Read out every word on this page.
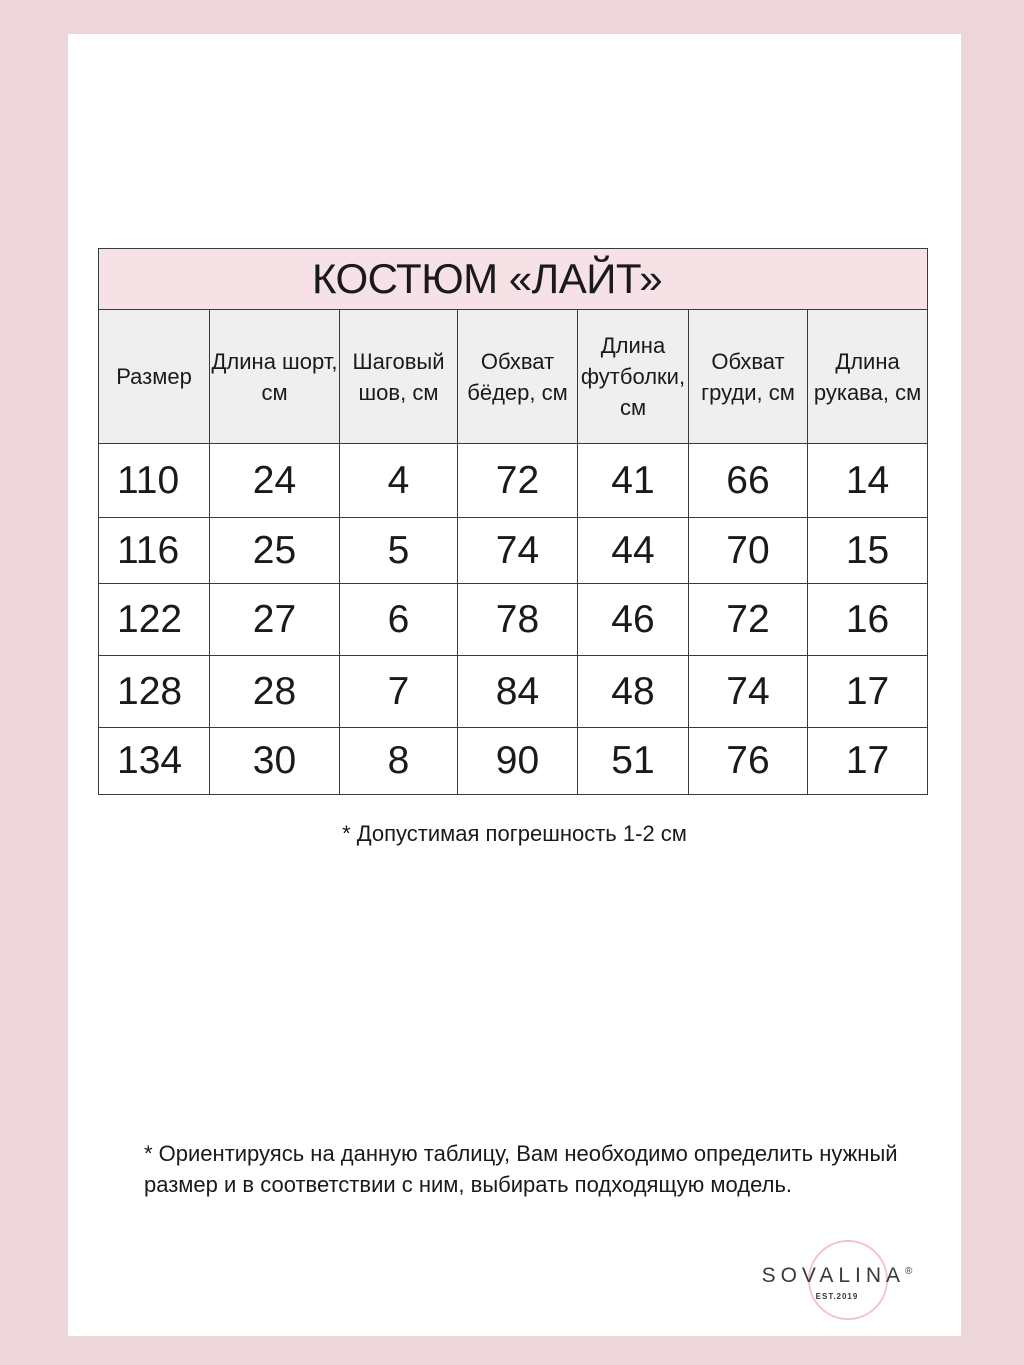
КОСТЮМ «ЛАЙТ»						
Размер	Длина шорт, см	Шаговый шов, см	Обхват бёдер, см	Длина футболки, см	Обхват груди, см	Длина рукава, см
110	24	4	72	41	66	14
116	25	5	74	44	70	15
122	27	6	78	46	72	16
128	28	7	84	48	74	17
134	30	8	90	51	76	17
* Допустимая погрешность 1-2 см
* Ориентируясь на данную таблицу, Вам необходимо определить нужный размер и в соответствии с ним, выбирать подходящую модель.
SOVALINA®
EST.2019
